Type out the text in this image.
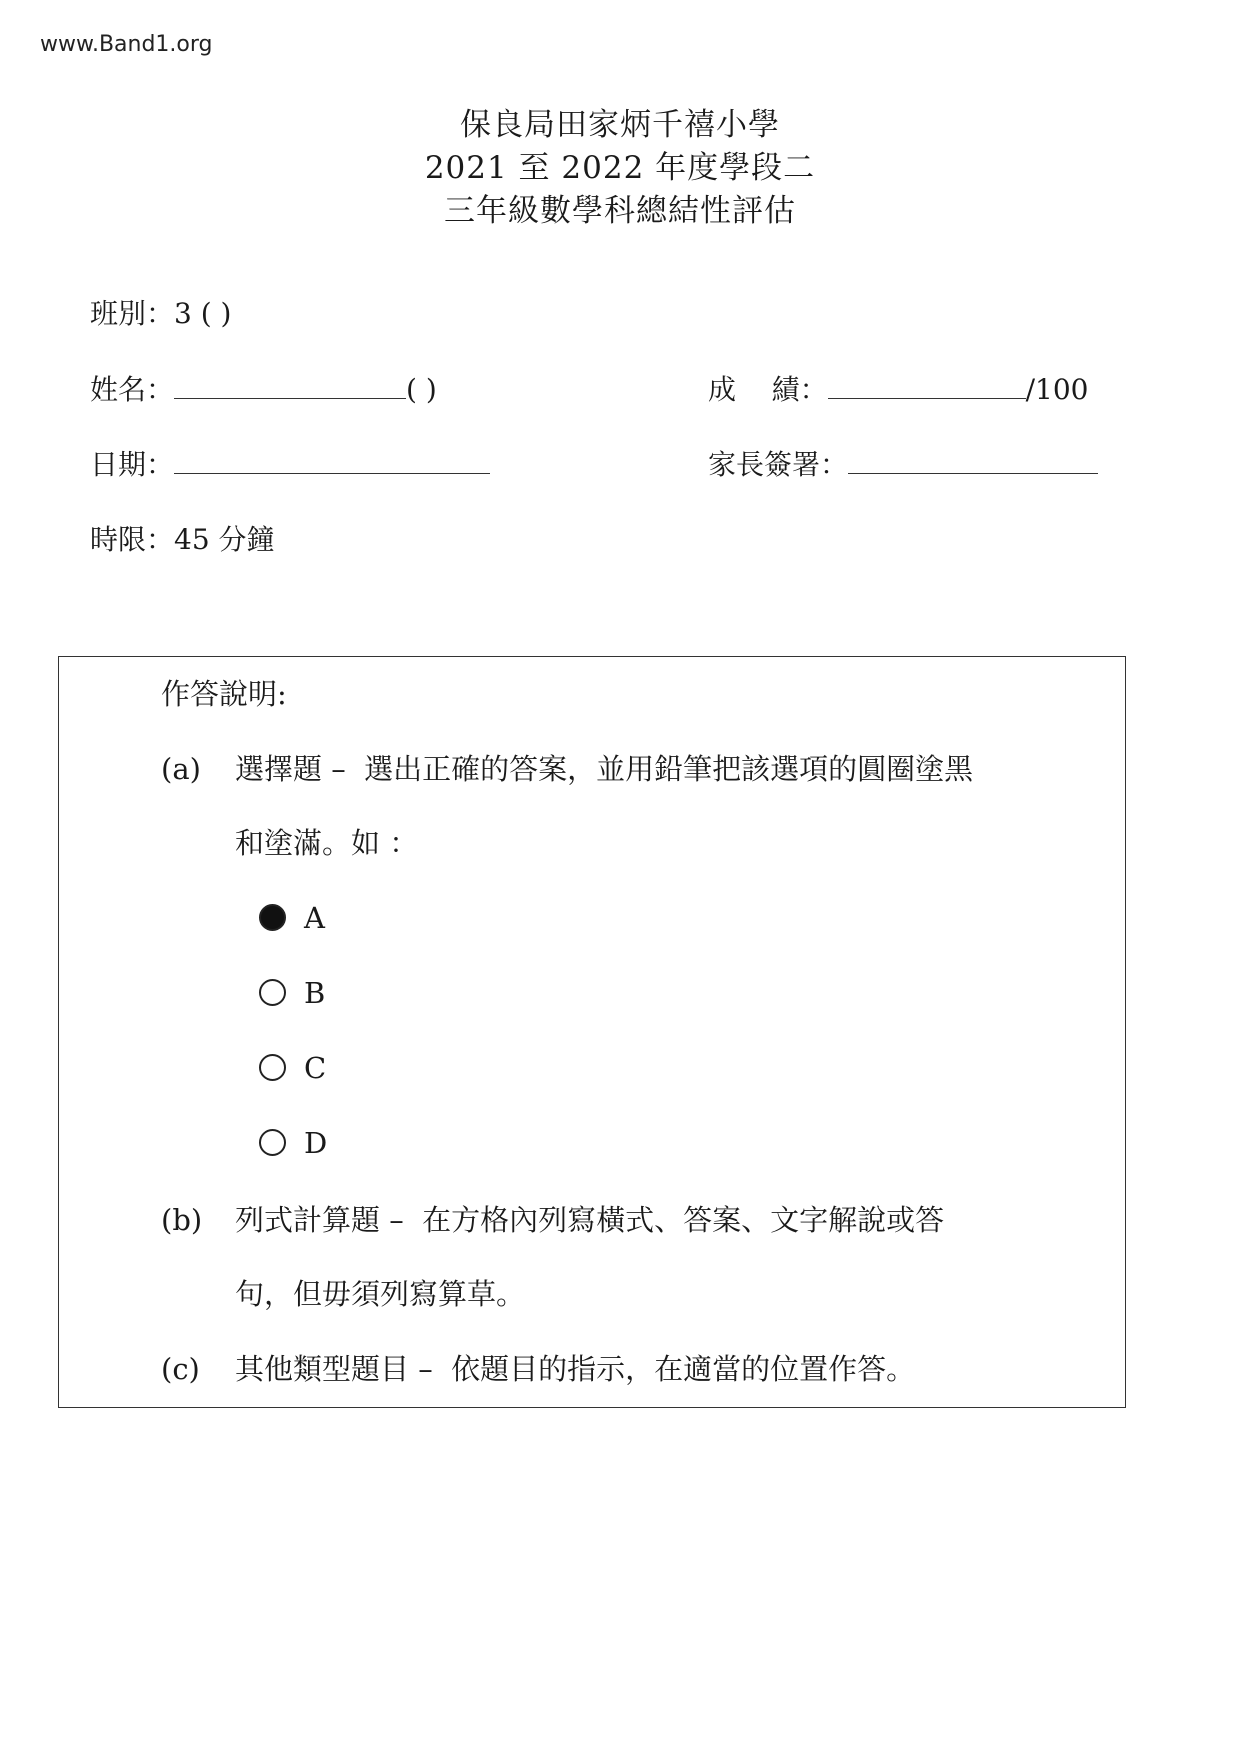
www.Band1.org
保良局田家炳千禧小學
2021 至 2022 年度學段二
三年級數學科總結性評估
班別：3 ( )
姓名：	( )	成    績：	/100
日期：	家長簽署：
時限：45 分鐘
作答說明:
(a) 選擇題 –  選出正確的答案，並用鉛筆把該選項的圓圈塗黑
和塗滿。如 ：
A
B
C
D
(b) 列式計算題 –  在方格內列寫橫式、答案、文字解說或答
句，但毋須列寫算草。
(c) 其他類型題目 –  依題目的指示，在適當的位置作答。
